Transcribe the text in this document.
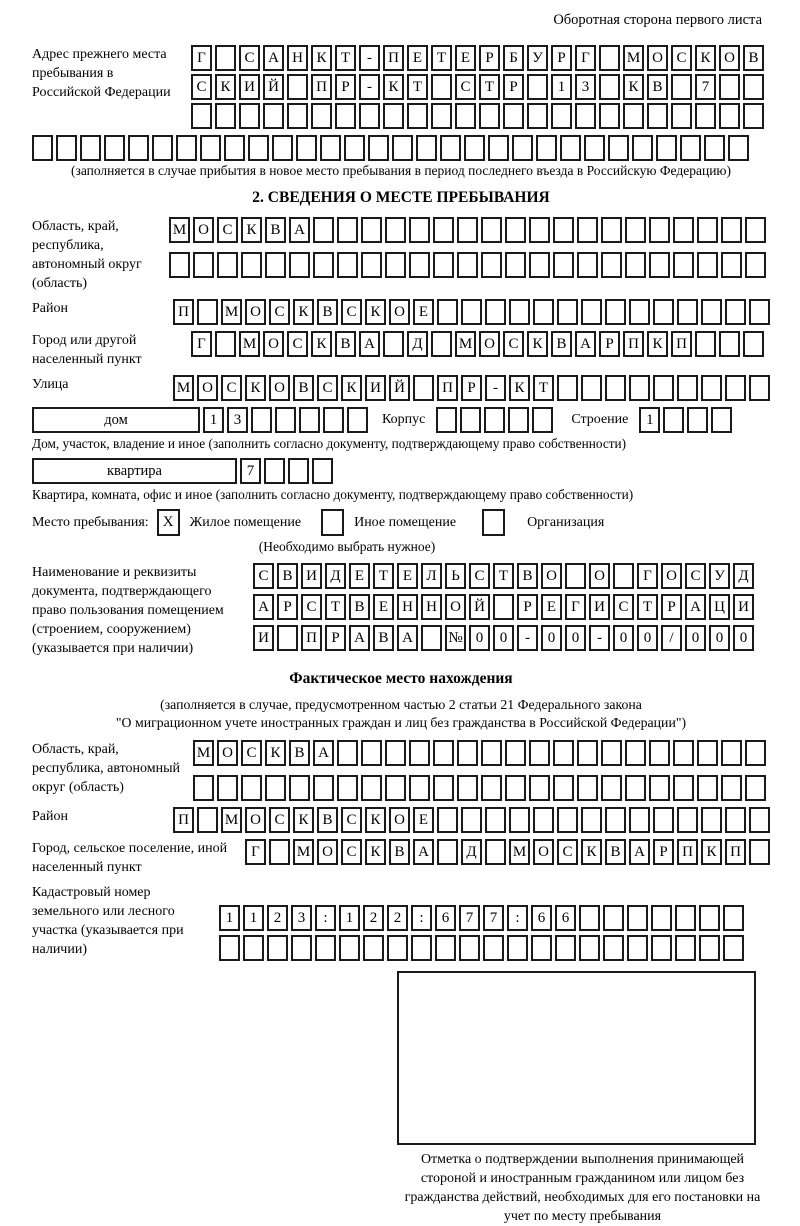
Оборотная сторона первого листа
Адрес прежнего места пребывания в Российской Федерации
Г	С А Н К Т	-	П Е Т Е	Р	Б У Р	Г	М О С К О В
С К И Й	П Р	-	К Т	С Т	Р	1	3	К В	7
(заполняется в случае прибытия в новое место пребывания в период последнего въезда в Российскую Федерацию)
2. СВЕДЕНИЯ О МЕСТЕ ПРЕБЫВАНИЯ
Область, край, республика, автономный округ (область)
М О С К В А
Район	П	М О С К В С К О Е
Город или другой населенный пункт
Г	М О С К В А	Д	М О С К В А Р П К П
Улица	М О С К О В С К И Й	П Р	-	К Т
дом	1	3	Корпус	Строение	1
Дом, участок, владение и иное (заполнить согласно документу, подтверждающему право собственности)
квартира	7
Квартира, комната, офис и иное (заполнить согласно документу, подтверждающему право собственности)
Место пребывания: X	Жилое помещение	Иное помещение	Организация
(Необходимо выбрать нужное)
Наименование и реквизиты документа, подтверждающего право пользования помещением (строением, сооружением) (указывается при наличии)
С В И Д Е Т Е Л Ь С Т В О	О	Г О С У Д
А Р С Т В Е Н Н О Й	Р	Е	Г И С Т	Р А Ц И
И	П Р А В А	№ 0	0	-	0	0	-	0	0	/	0	0	0
Фактическое место нахождения
(заполняется в случае, предусмотренном частью 2 статьи 21 Федерального закона
"О миграционном учете иностранных граждан и лиц без гражданства в Российской Федерации")
Область, край, республика, автономный округ (область)
М О С К В А
Район	П	М О С К В С К О Е
Город, сельское поселение, иной населенный пункт
Г	М О С К В А	Д	М О С К В А Р П К П
Кадастровый номер земельного или лесного участка (указывается при наличии)
1	1	2	3	:	1	2	2	:	6	7	7	:	6	6
Отметка о подтверждении выполнения принимающей стороной и иностранным гражданином или лицом без гражданства действий, необходимых для его постановки на учет по месту пребывания
